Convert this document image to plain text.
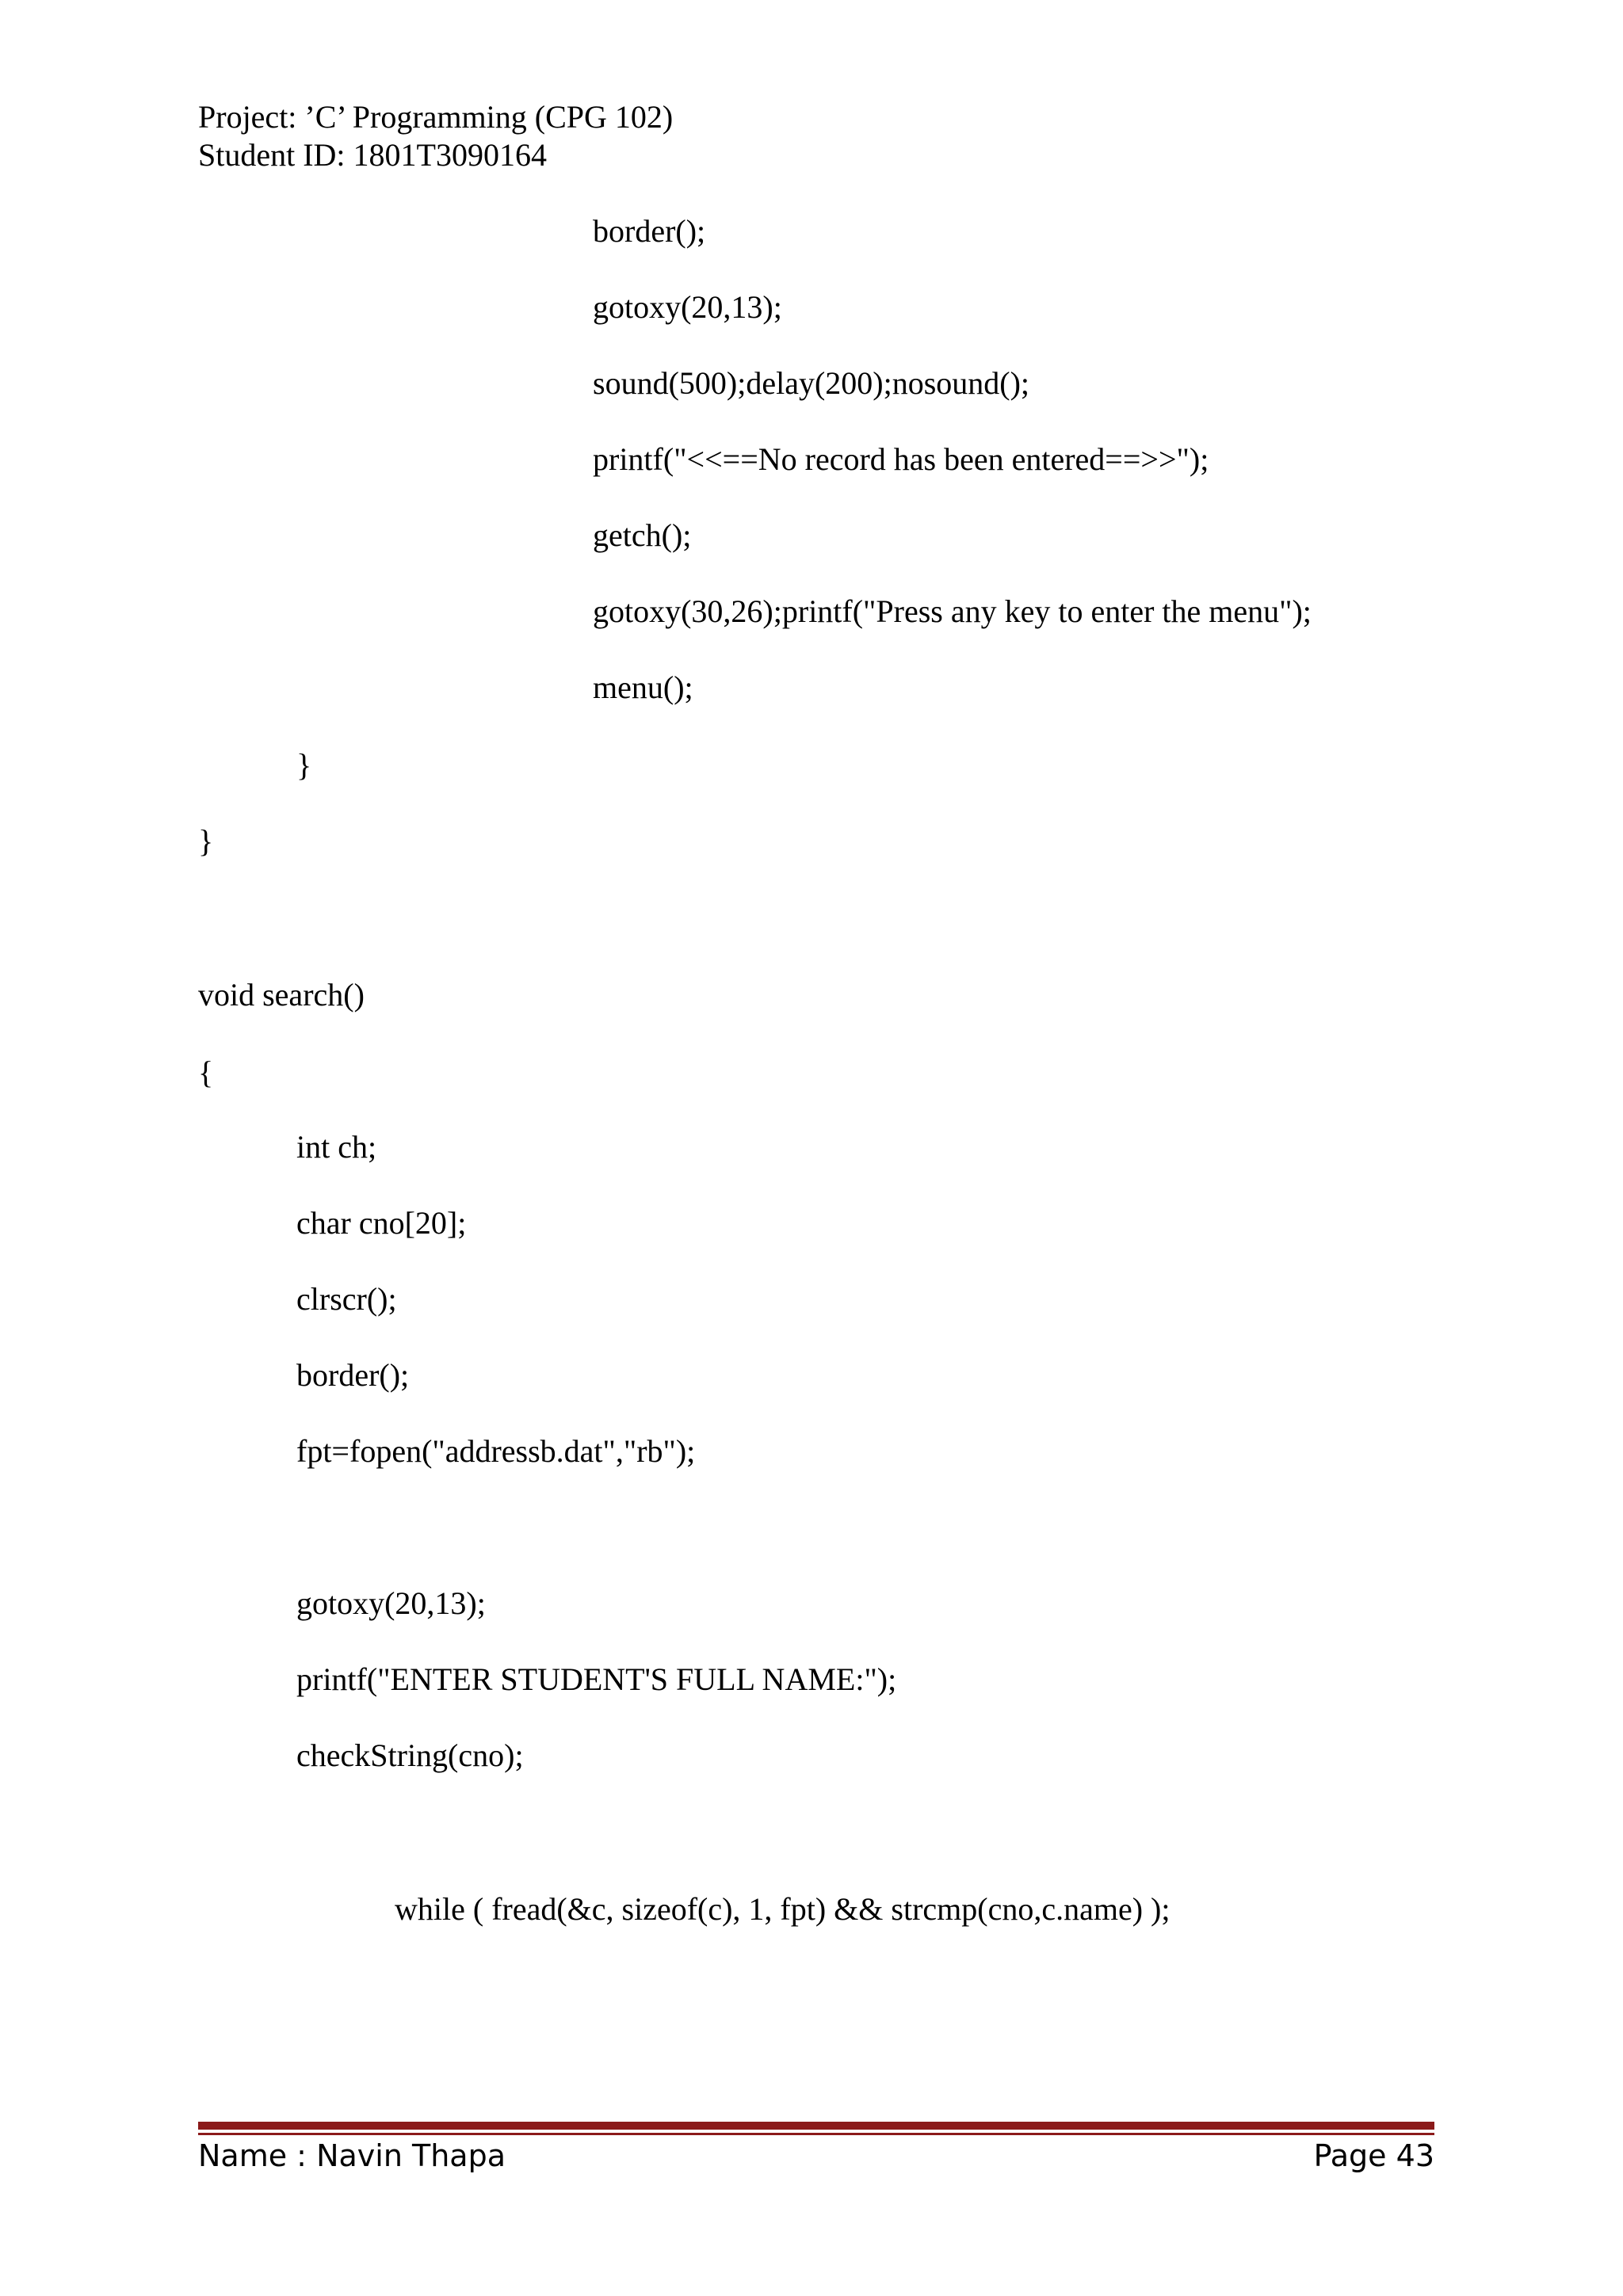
Project: ’C’ Programming (CPG 102)
Student ID: 1801T3090164
border();
gotoxy(20,13);
sound(500);delay(200);nosound();
printf("<<==No record has been entered==>>");
getch();
gotoxy(30,26);printf("Press any key to enter the menu");
menu();
}
}
void search()
{
int ch;
char cno[20];
clrscr();
border();
fpt=fopen("addressb.dat","rb");
gotoxy(20,13);
printf("ENTER STUDENT'S FULL NAME:");
checkString(cno);
while ( fread(&c, sizeof(c), 1, fpt) && strcmp(cno,c.name) );
Name : Navin Thapa	Page 43
